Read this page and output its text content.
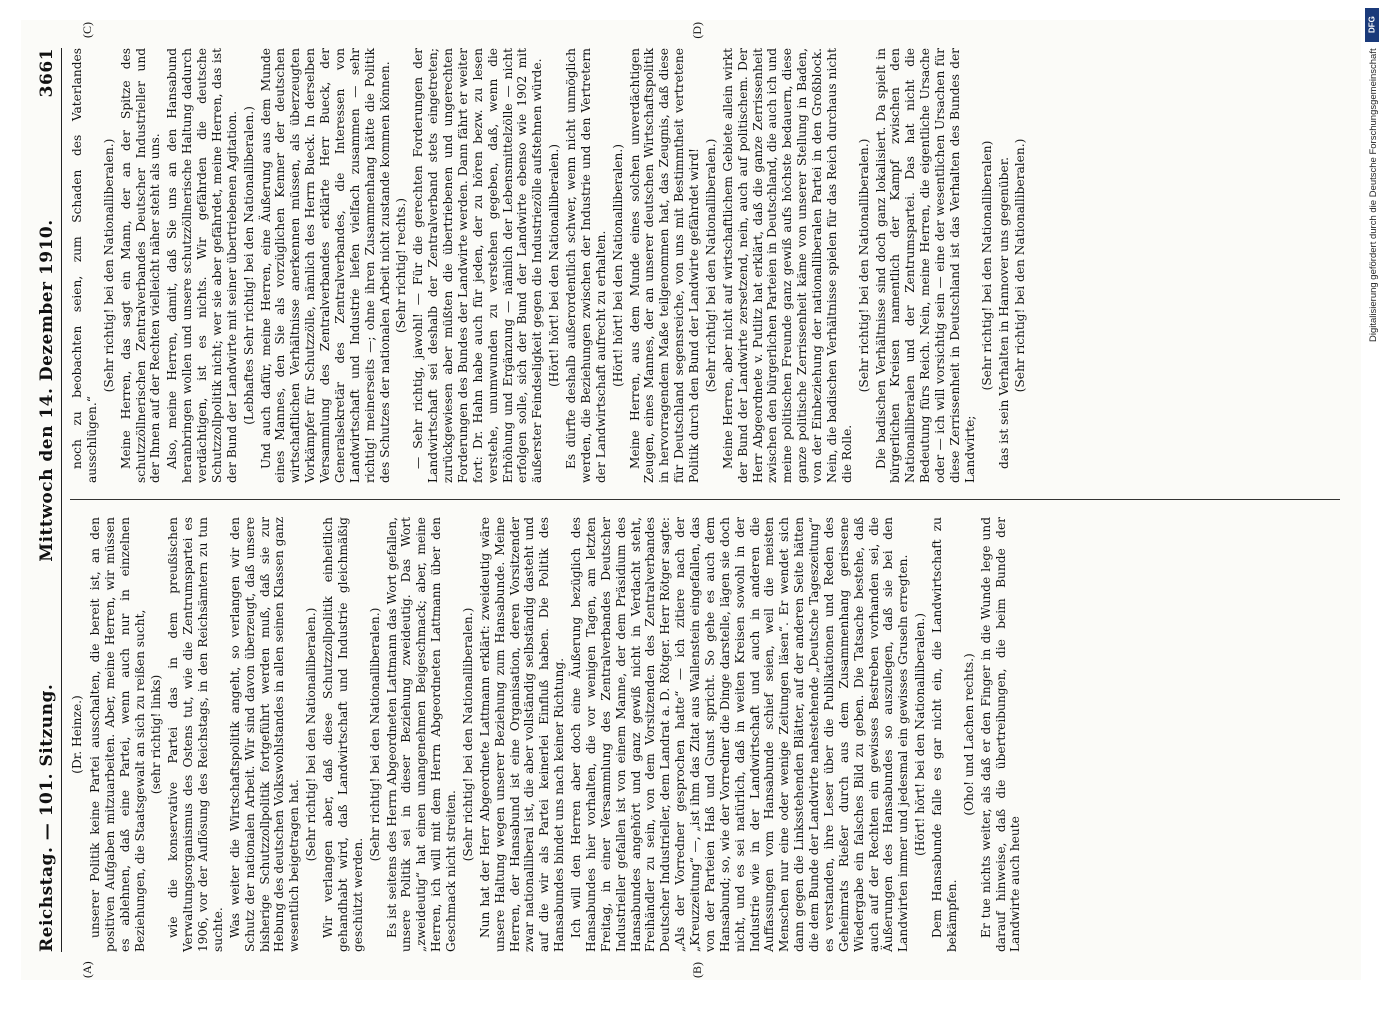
Reichstag. — 101. Sitzung.
Mittwoch den 14. Dezember 1910.
3661
(A)	(B)
(Dr. Heinze.) unserer Politik keine Partei ausschalten, die bereit ist, an den positiven Aufgaben mitzuarbeiten. Aber, meine Herren, wir müssen es ablehnen, daß eine Partei, wenn auch nur in einzelnen Beziehungen, die Staatsgewalt an sich zu reißen sucht, (sehr richtig! links) wie die konservative Partei das in dem preußischen Verwaltungsorganismus des Ostens tut, wie die Zentrumspartei es 1906, vor der Auflösung des Reichstags, in den Reichsämtern zu tun suchte. Was weiter die Wirtschaftspolitik angeht, so verlangen wir den Schutz der nationalen Arbeit. Wir sind davon überzeugt, daß unsere bisherige Schutzzollpolitik fortgeführt werden muß, daß sie zur Hebung des deutschen Volkswohlstandes in allen seinen Klassen ganz wesentlich beigetragen hat.

(Sehr richtig! bei den Nationalliberalen.) Wir verlangen aber, daß diese Schutzzollpolitik einheitlich gehandhabt wird, daß Landwirtschaft und Industrie gleichmäßig geschützt werden.

(Sehr richtig! bei den Nationalliberalen.) Es ist seitens des Herrn Abgeordneten Lattmann das Wort gefallen, unsere Politik sei in dieser Beziehung zweideutig. Das Wort „zweideutig“ hat einen unangenehmen Beigeschmack; aber, meine Herren, ich will mit dem Herrn Abgeordneten Lattmann über den Geschmack nicht streiten.

(Sehr richtig! bei den Nationalliberalen.) Nun hat der Herr Abgeordnete Lattmann erklärt: zweideutig wäre unsere Haltung wegen unserer Beziehung zum Hansabunde. Meine Herren, der Hansabund ist eine Organisation, deren Vorsitzender zwar nationalliberal ist, die aber vollständig selbständig dasteht und auf die wir als Partei keinerlei Einfluß haben. Die Politik des Hansabundes bindet uns nach keiner Richtung. Ich will den Herren aber doch eine Äußerung bezüglich des Hansabundes hier vorhalten, die vor wenigen Tagen, am letzten Freitag, in einer Versammlung des Zentralverbandes Deutscher Industrieller gefallen ist von einem Manne, der dem Präsidium des Hansabundes angehört und ganz gewiß nicht in Verdacht steht, Freihändler zu sein, von dem Vorsitzenden des Zentralverbandes Deutscher Industrieller, dem Landrat a. D. Rötger. Herr Rötger sagte: „Als der Vorredner gesprochen hatte“ — ich zitiere nach der „Kreuzzeitung“ —, „ist ihm das Zitat aus Wallenstein eingefallen, das von der Parteien Haß und Gunst spricht. So gehe es auch dem Hansabund; so, wie der Vorredner die Dinge darstelle, lägen sie doch nicht, und es sei natürlich, daß in weiten Kreisen sowohl in der Industrie wie in der Landwirtschaft und auch in anderen die Auffassungen vom Hansabunde schief seien, weil die meisten Menschen nur eine oder wenige Zeitungen läsen“. Er wendet sich dann gegen die Linksstehenden Blätter, auf der anderen Seite hätten die dem Bunde der Landwirte nahestehende „Deutsche Tageszeitung“ es verstanden, ihre Leser über die Publikationen und Reden des Geheimrats Rießer durch aus dem Zusammenhang gerissene Wiedergabe ein falsches Bild zu geben. Die Tatsache bestehe, daß auch auf der Rechten ein gewisses Bestreben vorhanden sei, die Äußerungen des Hansabundes so auszulegen, daß sie bei den Landwirten immer und jedesmal ein gewisses Gruseln erregten. (Hört! hört! bei den Nationalliberalen.) Dem Hansabunde falle es gar nicht ein, die Landwirtschaft zu bekämpfen.

(Oho! und Lachen rechts.) Er tue nichts weiter, als daß er den Finger in die Wunde lege und darauf hinweise, daß die übertreibungen, die beim Bunde der Landwirte auch heute

(C)	(D)

noch zu beobachten seien, zum Schaden des Vaterlandes ausschlügen.“

(Sehr richtig! bei den Nationalliberalen.) Meine Herren, das sagt ein Mann, der an der Spitze des schutzzöllnerischen Zentralverbandes Deutscher Industrieller und der Ihnen auf der Rechten vielleicht näher steht als uns. Also, meine Herren, damit, daß Sie uns an den Hansabund heranbringen wollen und unsere schutzzöllnerische Haltung dadurch verdächtigen, ist es nichts. Wir gefährden die deutsche Schutzzollpolitik nicht; wer sie aber gefährdet, meine Herren, das ist der Bund der Landwirte mit seiner übertriebenen Agitation. (Lebhaftes Sehr richtig! bei den Nationalliberalen.) Und auch dafür, meine Herren, eine Äußerung aus dem Munde eines Mannes, den Sie als vorzüglichen Kenner der deutschen wirtschaftlichen Verhältnisse anerkennen müssen, als überzeugten Vorkämpfer für Schutzzölle, nämlich des Herrn Bueck. In derselben Versammlung des Zentralverbandes erklärte Herr Bueck, der Generalsekretär des Zentralverbandes, die Interessen von Landwirtschaft und Industrie liefen vielfach zusammen — sehr richtig! meinerseits —; ohne ihren Zusammenhang hätte die Politik des Schutzes der nationalen Arbeit nicht zustande kommen können. (Sehr richtig! rechts.) — Sehr richtig, jawohl! — Für die gerechten Forderungen der Landwirtschaft sei deshalb der Zentralverband stets eingetreten; zurückgewiesen aber müßten die übertriebenen und ungerechten Forderungen des Bundes der Landwirte werden. Dann fährt er weiter fort: Dr. Hahn habe auch für jeden, der zu hören bezw. zu lesen verstehe, unumwunden zu verstehen gegeben, daß, wenn die Erhöhung und Ergänzung — nämlich der Lebensmittelzölle — nicht erfolgen solle, sich der Bund der Landwirte ebenso wie 1902 mit äußerster Feindseligkeit gegen die Industriezölle aufstehnen würde. (Hört! hört! bei den Nationalliberalen.) Es dürfte deshalb außerordentlich schwer, wenn nicht unmöglich werden, die Beziehungen zwischen der Industrie und den Vertretern der Landwirtschaft aufrecht zu erhalten. (Hört! hört! bei den Nationalliberalen.) Meine Herren, aus dem Munde eines solchen unverdächtigen Zeugen, eines Mannes, der an unserer deutschen Wirtschaftspolitik in hervorragendem Maße teilgenommen hat, das Zeugnis, daß diese für Deutschland segensreiche, von uns mit Bestimmtheit vertretene Politik durch den Bund der Landwirte gefährdet wird! (Sehr richtig! bei den Nationalliberalen.) Meine Herren, aber nicht auf wirtschaftlichem Gebiete allein wirkt der Bund der Landwirte zersetzend, nein, auch auf politischem. Der Herr Abgeordnete v. Putlitz hat erklärt, daß die ganze Zerrissenheit zwischen den bürgerlichen Parteien in Deutschland, die auch ich und meine politischen Freunde ganz gewiß aufs höchste bedauern, diese ganze politische Zerrissenheit käme von unserer Stellung in Baden, von der Einbeziehung der nationalliberalen Partei in den Großblock. Nein, die badischen Verhältnisse spielen für das Reich durchaus nicht die Rolle.

(Sehr richtig! bei den Nationalliberalen.) Die badischen Verhältnisse sind doch ganz lokalisiert. Da spielt in bürgerlichen Kreisen namentlich der Kampf zwischen den Nationalliberalen und der Zentrumspartei. Das hat nicht die Bedeutung fürs Reich. Nein, meine Herren, die eigentliche Ursache oder — ich will vorsichtig sein — eine der wesentlichen Ursachen für diese Zerrissenheit in Deutschland ist das Verhalten des Bundes der Landwirte;

(Sehr richtig! bei den Nationalliberalen) das ist sein Verhalten in Hannover uns gegenüber. (Sehr richtig! bei den Nationalliberalen.)

DFG
Digitalisierung gefördert durch die Deutsche Forschungsgemeinschaft
